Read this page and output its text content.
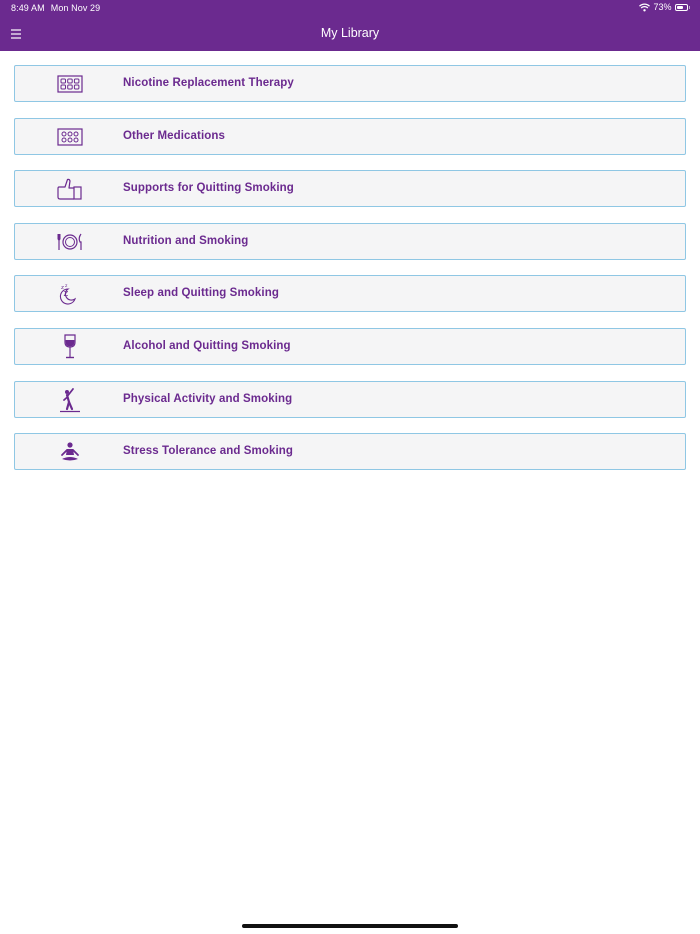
8:49 AM Mon Nov 29	73%
My Library
Nicotine Replacement Therapy
Other Medications
Supports for Quitting Smoking
Nutrition and Smoking
z z
Z	Sleep and Quitting Smoking
Alcohol and Quitting Smoking
Physical Activity and Smoking
Stress Tolerance and Smoking
